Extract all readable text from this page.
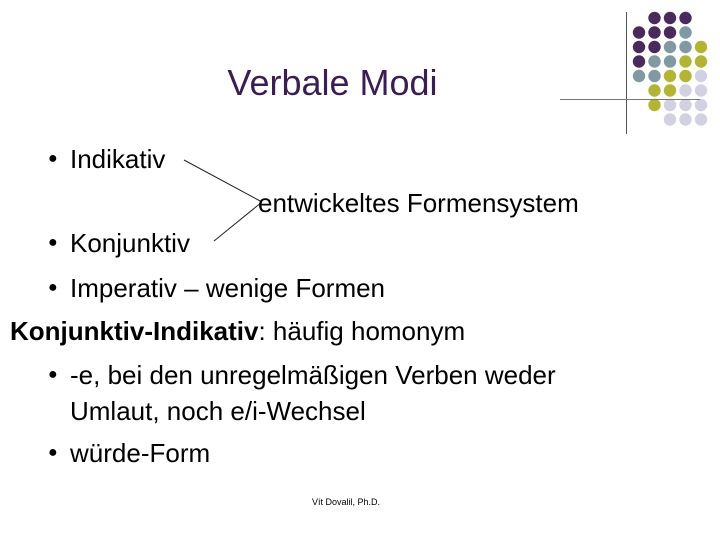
Verbale Modi
●
Indikativ
entwickeltes Formensystem
●
Konjunktiv
●
Imperativ – wenige Formen
Konjunktiv-Indikativ: häufig homonym
●
-e, bei den unregelmäßigen Verben weder
Umlaut, noch e/i-Wechsel
●
würde-Form
Vít Dovalil, Ph.D.
